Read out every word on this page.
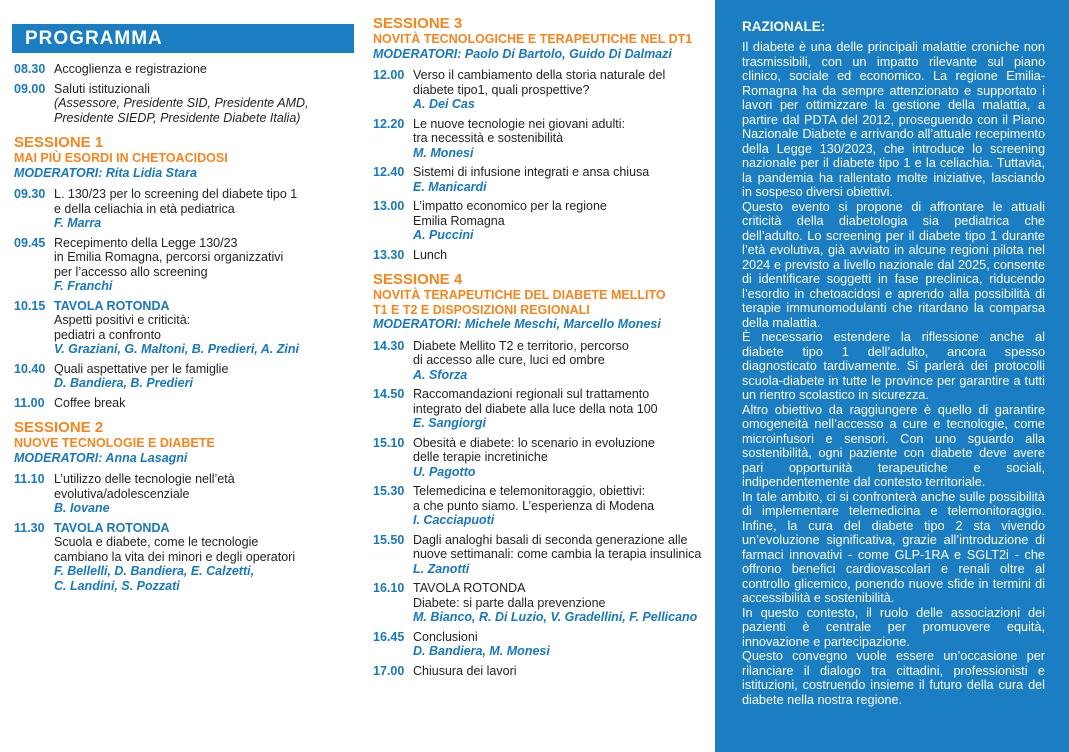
PROGRAMMA
08.30 Accoglienza e registrazione
09.00 Saluti istituzionali
(Assessore, Presidente SID, Presidente AMD, Presidente SIEDP, Presidente Diabete Italia)
SESSIONE 1
MAI PIÙ ESORDI IN CHETOACIDOSI
MODERATORI: Rita Lidia Stara
09.30 L. 130/23 per lo screening del diabete tipo 1
e della celiachia in età pediatrica
F. Marra
09.45 Recepimento della Legge 130/23
in Emilia Romagna, percorsi organizzativi
per l’accesso allo screening
F. Franchi
10.15 TAVOLA ROTONDA
Aspetti positivi e criticità:
pediatri a confronto
V. Graziani, G. Maltoni, B. Predieri, A. Zini
10.40 Quali aspettative per le famiglie
D. Bandiera, B. Predieri
11.00 Coffee break
SESSIONE 2
NUOVE TECNOLOGIE E DIABETE
MODERATORI: Anna Lasagni
11.10 L’utilizzo delle tecnologie nell’età
evolutiva/adolescenziale
B. Iovane
11.30 TAVOLA ROTONDA
Scuola e diabete, come le tecnologie
cambiano la vita dei minori e degli operatori
F. Bellelli, D. Bandiera, E. Calzetti,
C. Landini, S. Pozzati
SESSIONE 3
NOVITÀ TECNOLOGICHE E TERAPEUTICHE NEL DT1
MODERATORI: Paolo Di Bartolo, Guido Di Dalmazi
12.00 Verso il cambiamento della storia naturale del
diabete tipo1, quali prospettive?
A. Dei Cas
12.20 Le nuove tecnologie nei giovani adulti:
tra necessità e sostenibilità
M. Monesi
12.40 Sistemi di infusione integrati e ansa chiusa
E. Manicardi
13.00 L’impatto economico per la regione
Emilia Romagna
A. Puccini
13.30 Lunch
SESSIONE 4
NOVITÀ TERAPEUTICHE DEL DIABETE MELLITO
T1 E T2 E DISPOSIZIONI REGIONALI
MODERATORI: Michele Meschi, Marcello Monesi
14.30 Diabete Mellito T2 e territorio, percorso
di accesso alle cure, luci ed ombre
A. Sforza
14.50 Raccomandazioni regionali sul trattamento
integrato del diabete alla luce della nota 100
E. Sangiorgi
15.10 Obesità e diabete: lo scenario in evoluzione
delle terapie incretiniche
U. Pagotto
15.30 Telemedicina e telemonitoraggio, obiettivi:
a che punto siamo. L’esperienza di Modena
I. Cacciapuoti
15.50 Dagli analoghi basali di seconda generazione alle
nuove settimanali: come cambia la terapia insulinica
L. Zanotti
16.10 TAVOLA ROTONDA
Diabete: si parte dalla prevenzione
M. Bianco, R. Di Luzio, V. Gradellini, F. Pellicano
16.45 Conclusioni
D. Bandiera, M. Monesi
17.00 Chiusura dei lavori
RAZIONALE:
Il diabete è una delle principali malattie croniche non trasmissibili, con un impatto rilevante sul piano clinico, sociale ed economico. La regione Emilia-Romagna ha da sempre attenzionato e supportato i lavori per ottimizzare la gestione della malattia, a partire dal PDTA del 2012, proseguendo con il Piano Nazionale Diabete e arrivando all’attuale recepimento della Legge 130/2023, che introduce lo screening nazionale per il diabete tipo 1 e la celiachia. Tuttavia, la pandemia ha rallentato molte iniziative, lasciando in sospeso diversi obiettivi.
Questo evento si propone di affrontare le attuali criticità della diabetologia sia pediatrica che dell’adulto. Lo screening per il diabete tipo 1 durante l’età evolutiva, già avviato in alcune regioni pilota nel 2024 e previsto a livello nazionale dal 2025, consente di identificare soggetti in fase preclinica, riducendo l’esordio in chetoacidosi e aprendo alla possibilità di terapie immunomodulanti che ritardano la comparsa della malattia.
È necessario estendere la riflessione anche al diabete tipo 1 dell’adulto, ancora spesso diagnosticato tardivamente. Si parlerà dei protocolli scuola-diabete in tutte le province per garantire a tutti un rientro scolastico in sicurezza.
Altro obiettivo da raggiungere è quello di garantire omogeneità nell’accesso a cure e tecnologie, come microinfusori e sensori. Con uno sguardo alla sostenibilità, ogni paziente con diabete deve avere pari opportunità terapeutiche e sociali, indipendentemente dal contesto territoriale.
In tale ambito, ci si confronterà anche sulle possibilità di implementare telemedicina e telemonitoraggio. Infine, la cura del diabete tipo 2 sta vivendo un’evoluzione significativa, grazie all’introduzione di farmaci innovativi - come GLP-1RA e SGLT2i - che offrono benefici cardiovascolari e renali oltre al controllo glicemico, ponendo nuove sfide in termini di accessibilità e sostenibilità.
In questo contesto, il ruolo delle associazioni dei pazienti è centrale per promuovere equità, innovazione e partecipazione.
Questo convegno vuole essere un’occasione per rilanciare il dialogo tra cittadini, professionisti e istituzioni, costruendo insieme il futuro della cura del diabete nella nostra regione.
